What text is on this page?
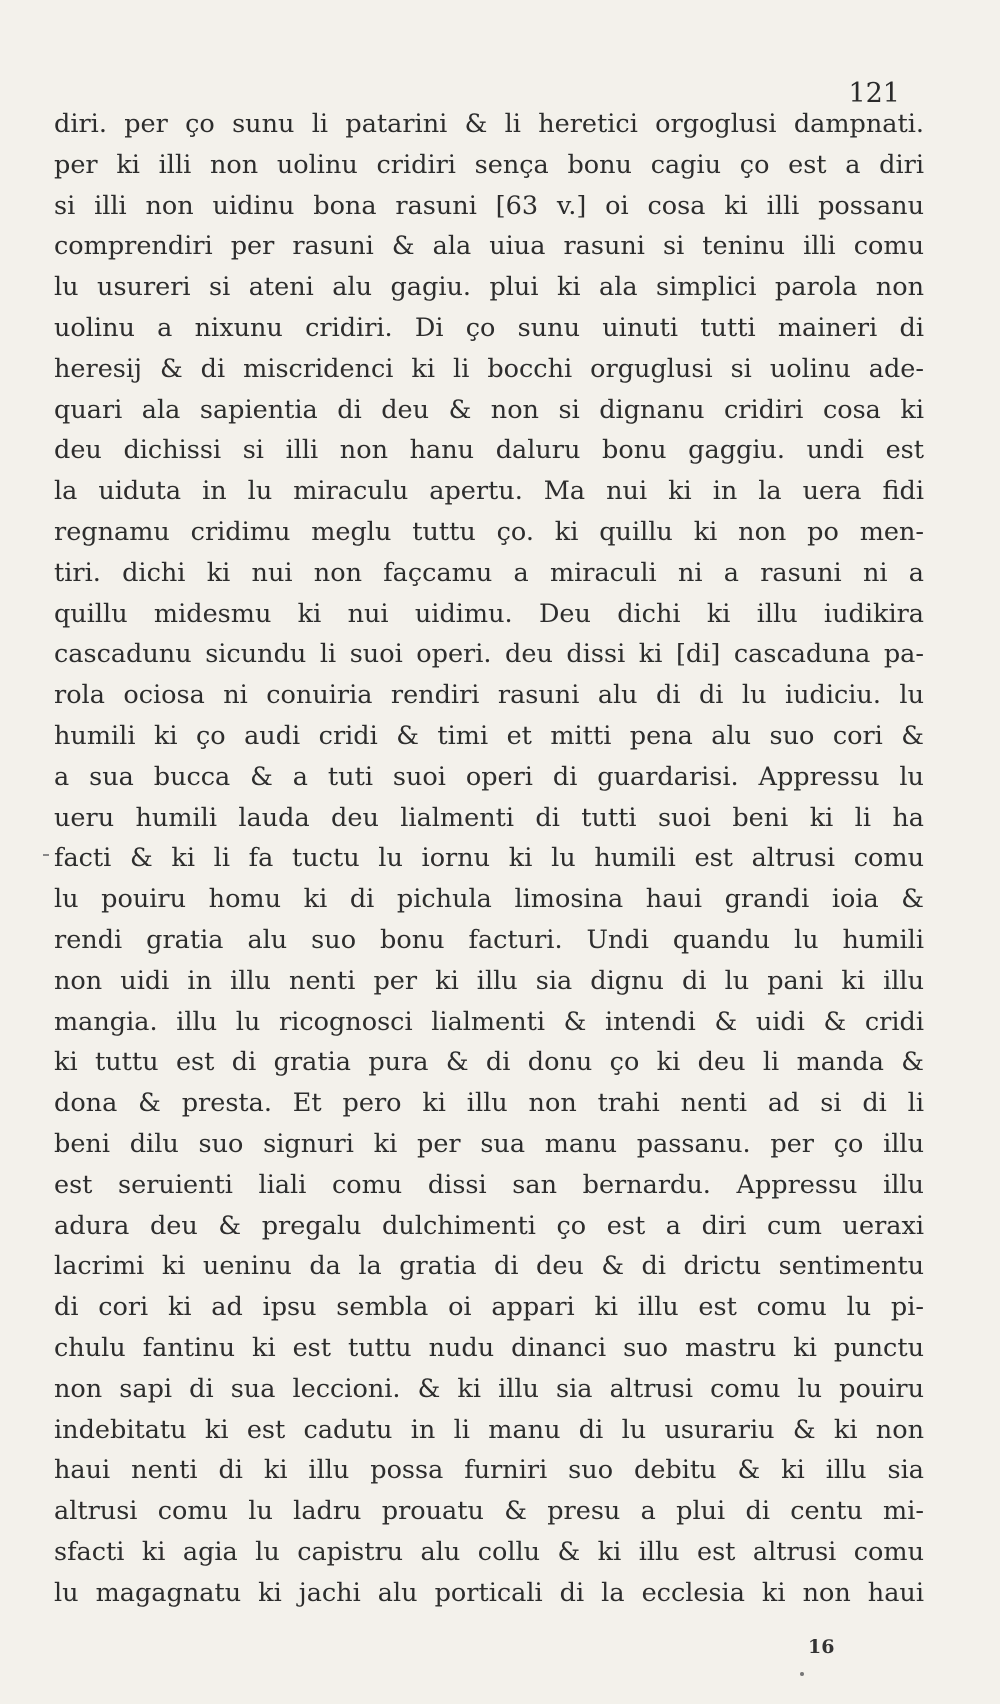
121
diri. per ço sunu li patarini & li heretici orgoglusi dampnati.
per ki illi non uolinu cridiri sença bonu cagiu ço est a diri
si illi non uidinu bona rasuni [63 v.] oi cosa ki illi possanu
comprendiri per rasuni & ala uiua rasuni si teninu illi comu
lu usureri si ateni alu gagiu. plui ki ala simplici parola non
uolinu a nixunu cridiri. Di ço sunu uinuti tutti maineri di
heresij & di miscridenci ki li bocchi orguglusi si uolinu ade-
quari ala sapientia di deu & non si dignanu cridiri cosa ki
deu dichissi si illi non hanu daluru bonu gaggiu. undi est
la uiduta in lu miraculu apertu. Ma nui ki in la uera fidi
regnamu cridimu meglu tuttu ço. ki quillu ki non po men-
tiri. dichi ki nui non façcamu a miraculi ni a rasuni ni a
quillu midesmu ki nui uidimu. Deu dichi ki illu iudikira
cascadunu sicundu li suoi operi. deu dissi ki [di] cascaduna pa-
rola ociosa ni conuiria rendiri rasuni alu di di lu iudiciu. lu
humili ki ço audi cridi & timi et mitti pena alu suo cori &
a sua bucca & a tuti suoi operi di guardarisi. Appressu lu
ueru humili lauda deu lialmenti di tutti suoi beni ki li ha
facti & ki li fa tuctu lu iornu ki lu humili est altrusi comu
lu pouiru homu ki di pichula limosina haui grandi ioia &
rendi gratia alu suo bonu facturi. Undi quandu lu humili
non uidi in illu nenti per ki illu sia dignu di lu pani ki illu
mangia. illu lu ricognosci lialmenti & intendi & uidi & cridi
ki tuttu est di gratia pura & di donu ço ki deu li manda &
dona & presta. Et pero ki illu non trahi nenti ad si di li
beni dilu suo signuri ki per sua manu passanu. per ço illu
est seruienti liali comu dissi san bernardu. Appressu illu
adura deu & pregalu dulchimenti ço est a diri cum ueraxi
lacrimi ki ueninu da la gratia di deu & di drictu sentimentu
di cori ki ad ipsu sembla oi appari ki illu est comu lu pi-
chulu fantinu ki est tuttu nudu dinanci suo mastru ki punctu
non sapi di sua leccioni. & ki illu sia altrusi comu lu pouiru
indebitatu ki est cadutu in li manu di lu usurariu & ki non
haui nenti di ki illu possa furniri suo debitu & ki illu sia
altrusi comu lu ladru prouatu & presu a plui di centu mi-
sfacti ki agia lu capistru alu collu & ki illu est altrusi comu
lu magagnatu ki jachi alu porticali di la ecclesia ki non haui
16
